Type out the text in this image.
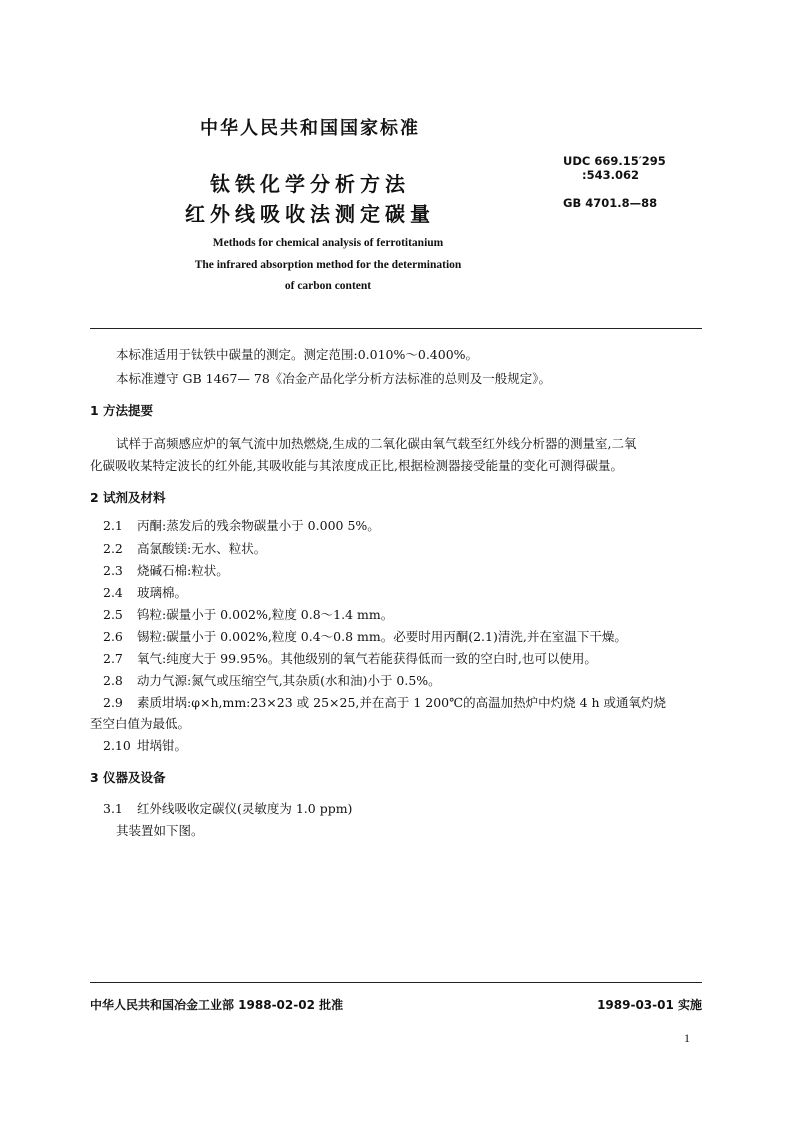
中华人民共和国国家标准
钛铁化学分析方法
红外线吸收法测定碳量
UDC 669.15′295
:543.062
GB 4701.8—88
Methods for chemical analysis of ferrotitanium
The infrared absorption method for the determination
of carbon content
本标准适用于钛铁中碳量的测定。测定范围:0.010%～0.400%。
本标准遵守 GB 1467— 78《冶金产品化学分析方法标准的总则及一般规定》。
1 方法提要
试样于高频感应炉的氧气流中加热燃烧,生成的二氧化碳由氧气载至红外线分析器的测量室,二氧
化碳吸收某特定波长的红外能,其吸收能与其浓度成正比,根据检测器接受能量的变化可测得碳量。
2 试剂及材料
2.1 丙酮:蒸发后的残余物碳量小于 0.000 5%。
2.2 高氯酸镁:无水、粒状。
2.3 烧碱石棉:粒状。
2.4 玻璃棉。
2.5 钨粒:碳量小于 0.002%,粒度 0.8～1.4 mm。
2.6 锡粒:碳量小于 0.002%,粒度 0.4～0.8 mm。必要时用丙酮(2.1)清洗,并在室温下干燥。
2.7 氧气:纯度大于 99.95%。其他级别的氧气若能获得低而一致的空白时,也可以使用。
2.8 动力气源:氮气或压缩空气,其杂质(水和油)小于 0.5%。
2.9 素质坩埚:φ×h,mm:23×23 或 25×25,并在高于 1 200℃的高温加热炉中灼烧 4 h 或通氧灼烧
至空白值为最低。
2.10 坩埚钳。
3 仪器及设备
3.1 红外线吸收定碳仪(灵敏度为 1.0 ppm)
其装置如下图。
中华人民共和国冶金工业部 1988-02-02 批准	1989-03-01 实施
1
